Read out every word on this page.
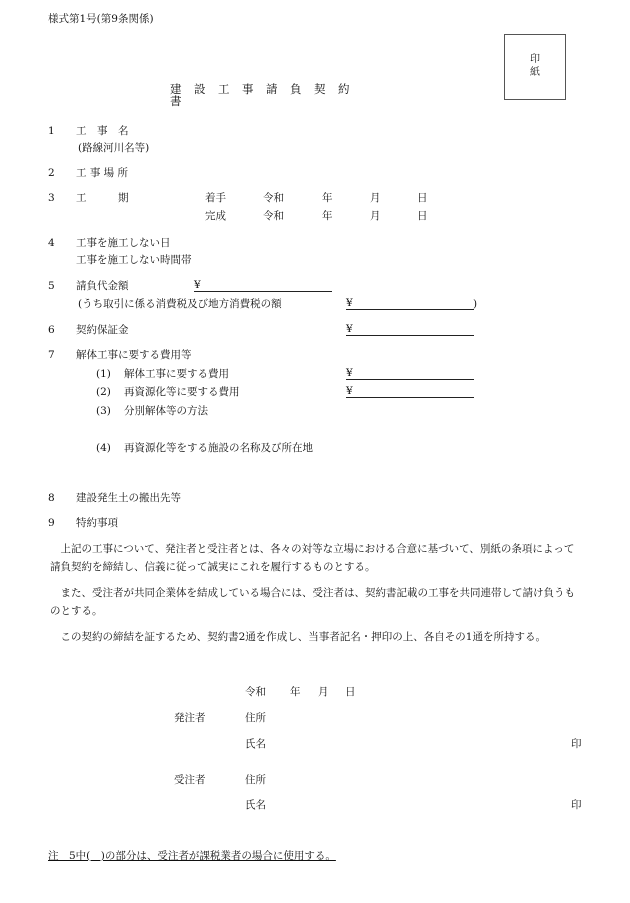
様式第1号(第9条関係)
印
紙
建設工事請負契約書
1 工　事　名
(路線河川名等)
2 工 事 場 所
3 工　　　期	着手	令和	年	月	日
完成	令和	年	月	日
4 工事を施工しない日
工事を施工しない時間帯
5 請負代金額	¥
(うち取引に係る消費税及び地方消費税の額	¥	)
6 契約保証金	¥
7 解体工事に要する費用等
(1) 解体工事に要する費用	¥
(2) 再資源化等に要する費用	¥
(3) 分別解体等の方法
(4) 再資源化等をする施設の名称及び所在地
8 建設発生土の搬出先等
9 特約事項
上記の工事について、発注者と受注者とは、各々の対等な立場における合意に基づいて、別紙の条項によって請負契約を締結し、信義に従って誠実にこれを履行するものとする。
また、受注者が共同企業体を結成している場合には、受注者は、契約書記載の工事を共同連帯して請け負うものとする。
この契約の締結を証するため、契約書2通を作成し、当事者記名・押印の上、各自その1通を所持する。
令和 年 月 日
発注者	住所
氏名	印
受注者	住所
氏名	印
注　5中(　)の部分は、受注者が課税業者の場合に使用する。
